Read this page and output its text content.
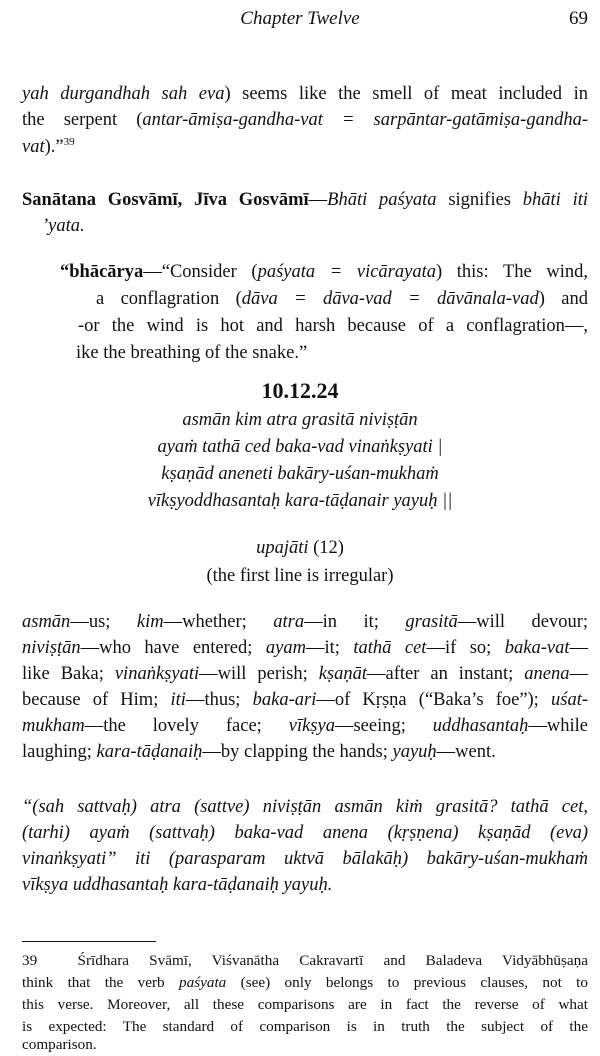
Chapter Twelve	69
yah durgandhah sah eva) seems like the smell of meat included in
the serpent (antar-āmiṣa-gandha-vat = sarpāntar-gatāmiṣa-gandha-
vat).”$^{39}$
Sanātana Gosvāmī, Jīva Gosvāmī—Bhāti paśyata signifies bhāti iti
’yata.
“bhācārya—“Consider (paśyata = vicārayata) this: The wind,
a conflagration (dāva = dāva-vad = dāvānala-vad) and
-or the wind is hot and harsh because of a conflagration—,
ike the breathing of the snake.”
10.12.24
asmān kim atra grasitā niviṣṭān
ayaṁ tathā ced baka-vad vinaṅkṣyati |
kṣaṇād aneneti bakāry-uśan-mukhaṁ
vīkṣyoddhasantaḥ kara-tāḍanair yayuḥ ||
upajāti (12)
(the first line is irregular)
asmān—us; kim—whether; atra—in it; grasitā—will devour;
niviṣṭān—who have entered; ayam—it; tathā cet—if so; baka-vat—
like Baka; vinaṅkṣyati—will perish; kṣaṇāt—after an instant; anena—
because of Him; iti—thus; baka-ari—of Kṛṣṇa (“Baka’s foe”); uśat-
mukham—the lovely face; vīkṣya—seeing; uddhasantaḥ—while
laughing; kara-tāḍanaiḥ—by clapping the hands; yayuḥ—went.
“(sah sattvaḥ) atra (sattve) niviṣṭān asmān kiṁ grasitā? tathā cet,
(tarhi) ayaṁ (sattvaḥ) baka-vad anena (kṛṣṇena) kṣaṇād (eva)
vinaṅkṣyati” iti (parasparam uktvā bālakāḥ) bakāry-uśan-mukhaṁ
vīkṣya uddhasantaḥ kara-tāḍanaiḥ yayuḥ.
39	Śrīdhara Svāmī, Viśvanātha Cakravartī and Baladeva Vidyābhūṣaṇa
think that the verb paśyata (see) only belongs to previous clauses, not to
this verse. Moreover, all these comparisons are in fact the reverse of what
is expected: The standard of comparison is in truth the subject of the
comparison.
